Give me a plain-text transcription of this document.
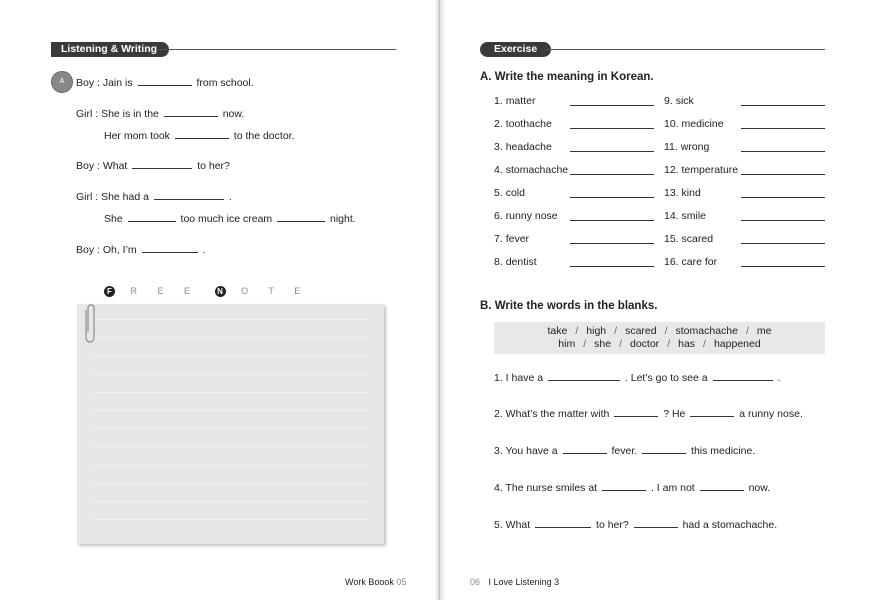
Listening & Writing
A	Boy : Jain is	from school.
Girl : She is in the	now.
Her mom took	to the doctor.
Boy : What	to her?
Girl : She had a	.
She	too much ice cream	night.
Boy : Oh, I’m	.
F R E E N O T E
Work Boook 05
Exercise
A. Write the meaning in Korean.
1. matter
2. toothache
3. headache
4. stomachache
5. cold
6. runny nose
7. fever
8. dentist
9. sick
10. medicine
11. wrong
12. temperature
13. kind
14. smile
15. scared
16. care for
B. Write the words in the blanks.
take / high / scared / stomachache / me
him / she / doctor / has / happened
1. I have a	. Let’s go to see a	.
2. What’s the matter with	? He	a runny nose.
3. You have a	fever.	this medicine.
4. The nurse smiles at	. I am not	now.
5. What	to her?	had a stomachache.
06 I Love Listening 3
